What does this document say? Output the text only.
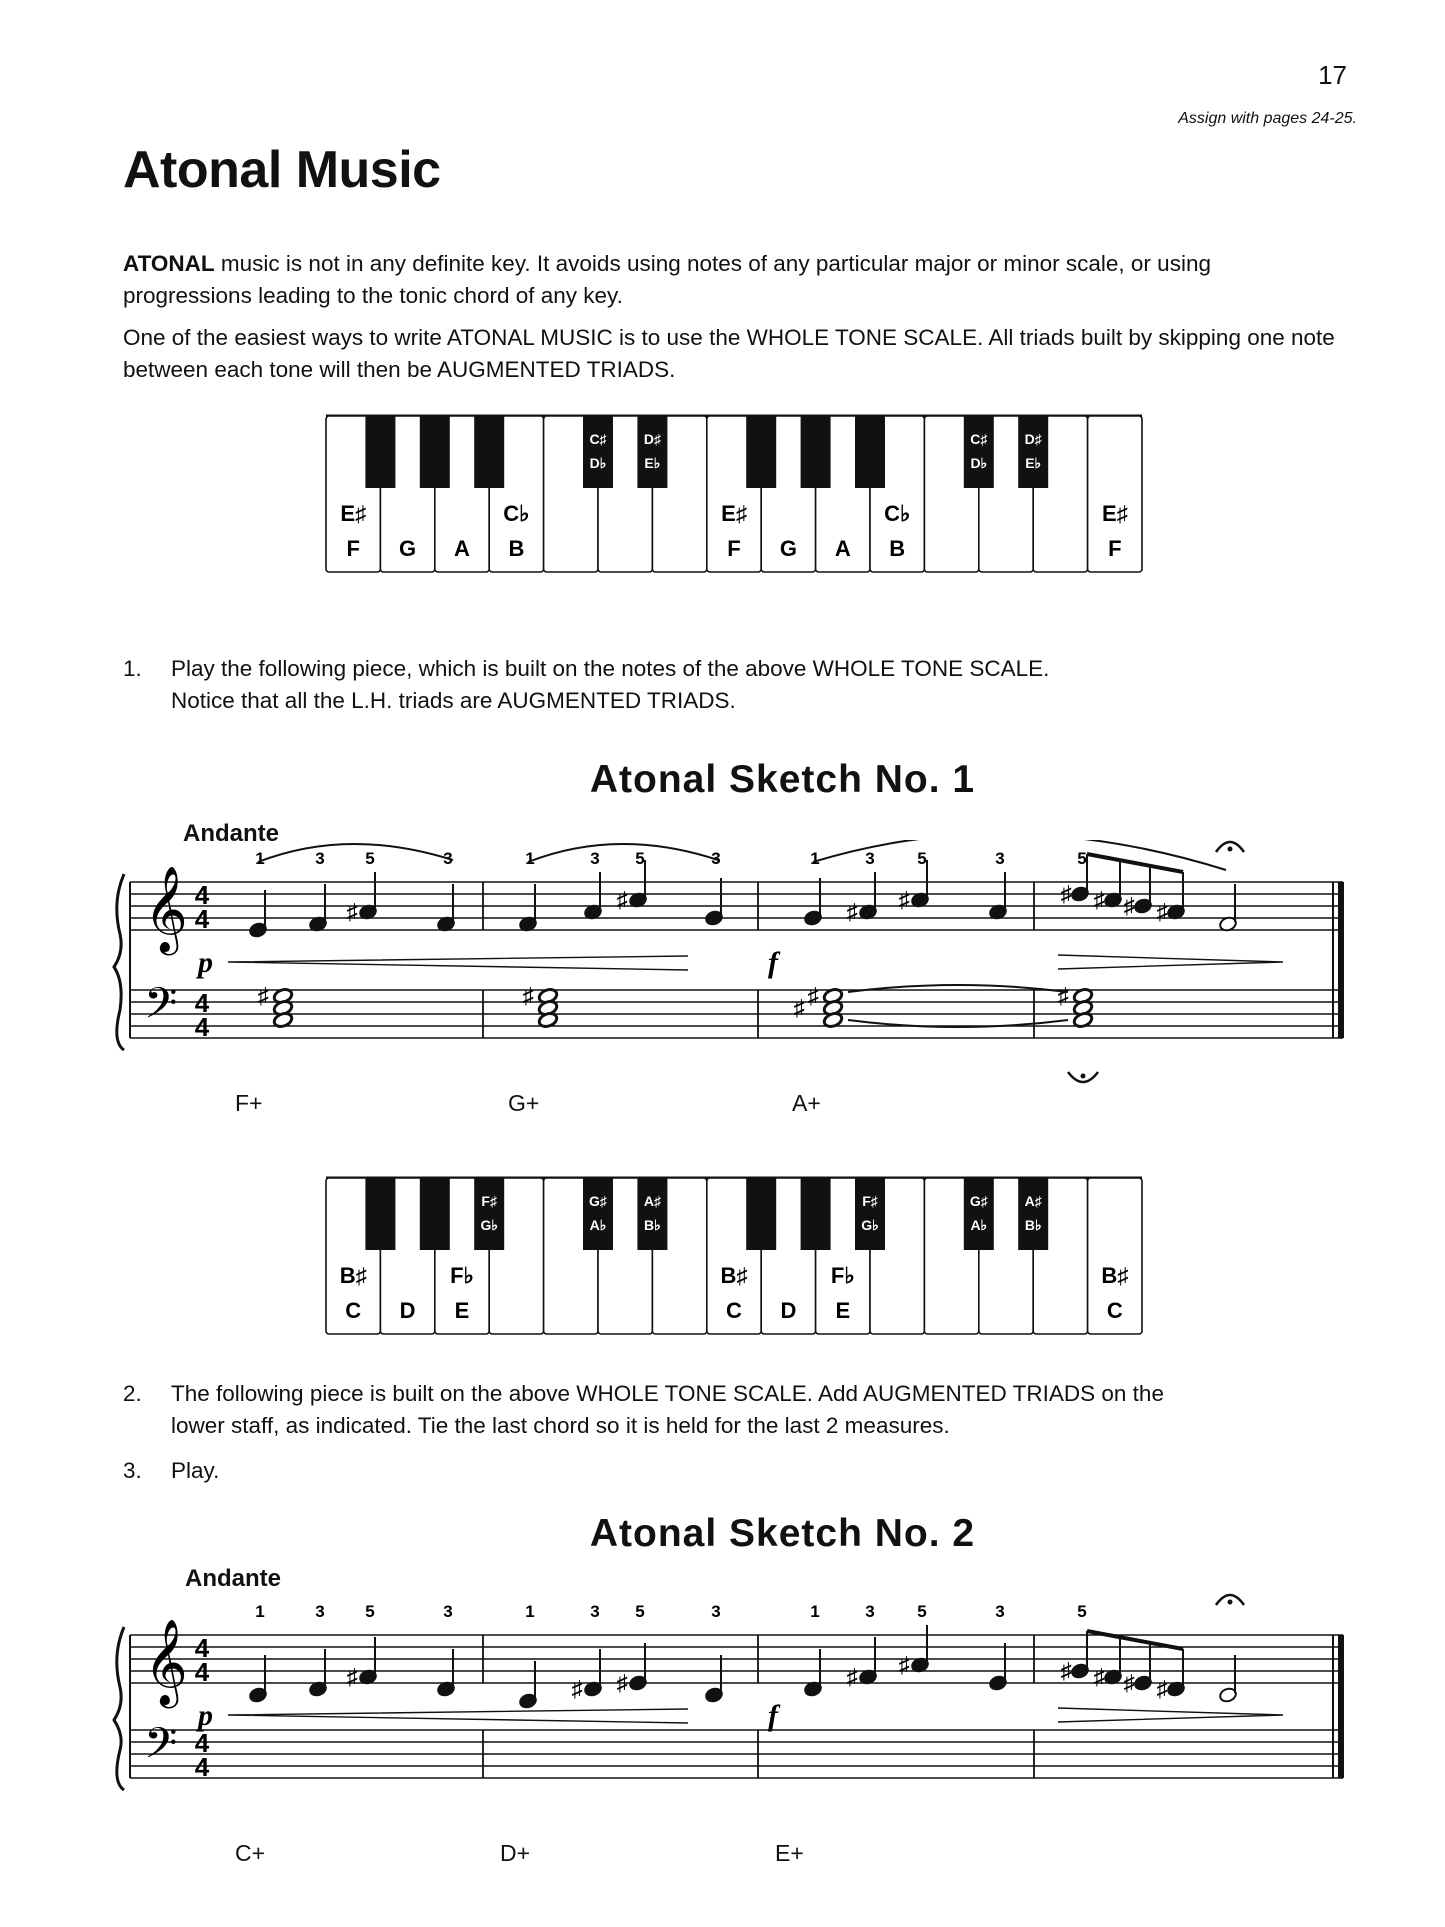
17
Assign with pages 24-25.
Atonal Music
ATONAL music is not in any definite key. It avoids using notes of any particular major or minor scale, or using progressions leading to the tonic chord of any key.
One of the easiest ways to write ATONAL MUSIC is to use the WHOLE TONE SCALE. All triads built by skipping one note between each tone will then be AUGMENTED TRIADS.
E♯
F G A
C♭
B
E♯
F G A
C♭
B
E♯
F
C♯
D♭
D♯
E♭
C♯
D♭
D♯
E♭
1. Play the following piece, which is built on the notes of the above WHOLE TONE SCALE.
Notice that all the L.H. triads are AUGMENTED TRIADS.
Atonal Sketch No. 1
Andante
𝄞
𝄢
4
4
4
4
1	3
♯
5	3	1	3
♯
5	3	1
♯
3
♯
5	3
♯ ♯ ♯ ♯
5
p	f
♯	♯	♯
♯	♯
F+	G+	A+
B♯
C D
F♭
E
B♯
C D
F♭
E
B♯
C
F♯
G♭
G♯
A♭
A♯
B♭
F♯
G♭
G♯
A♭
A♯
B♭
2. The following piece is built on the above WHOLE TONE SCALE. Add AUGMENTED TRIADS on the
lower staff, as indicated. Tie the last chord so it is held for the last 2 measures.
3. Play.
Atonal Sketch No. 2
Andante
𝄞
𝄢
4
4
4
4
1	3
♯
5	3	1
♯
3
♯
5	3	1
♯
3
♯
5	3
♯ ♯ ♯ ♯
5
p	f
C+	D+	E+
